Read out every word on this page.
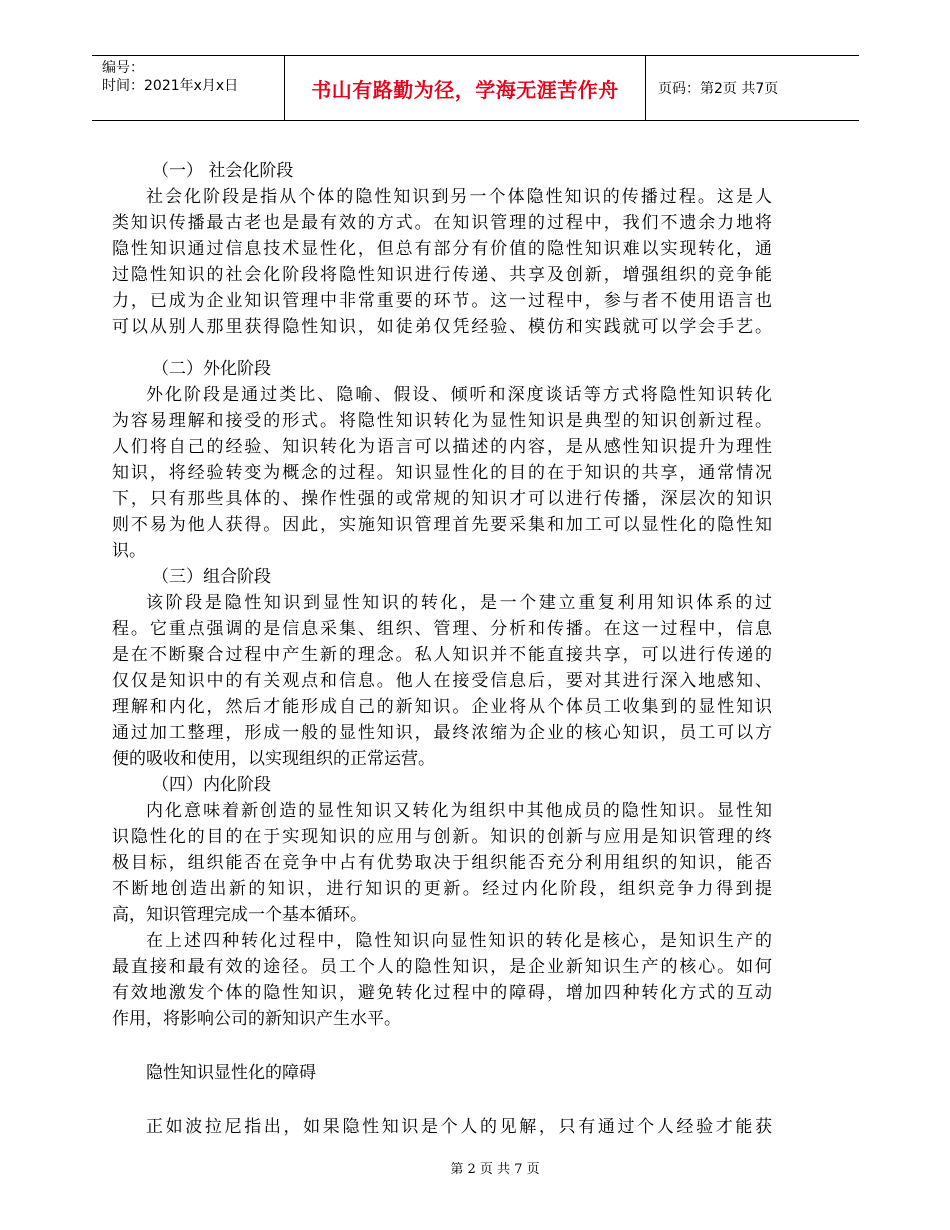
编号：
时间：2021年x月x日	书山有路勤为径，学海无涯苦作舟	页码：第2页 共7页
（一） 社会化阶段
社会化阶段是指从个体的隐性知识到另一个体隐性知识的传播过程。这是人
类知识传播最古老也是最有效的方式。在知识管理的过程中，我们不遗余力地将
隐性知识通过信息技术显性化，但总有部分有价值的隐性知识难以实现转化，通
过隐性知识的社会化阶段将隐性知识进行传递、共享及创新，增强组织的竞争能
力，已成为企业知识管理中非常重要的环节。这一过程中，参与者不使用语言也
可以从别人那里获得隐性知识，如徒弟仅凭经验、模仿和实践就可以学会手艺。
（二）外化阶段
外化阶段是通过类比、隐喻、假设、倾听和深度谈话等方式将隐性知识转化
为容易理解和接受的形式。将隐性知识转化为显性知识是典型的知识创新过程。
人们将自己的经验、知识转化为语言可以描述的内容，是从感性知识提升为理性
知识，将经验转变为概念的过程。知识显性化的目的在于知识的共享，通常情况
下，只有那些具体的、操作性强的或常规的知识才可以进行传播，深层次的知识
则不易为他人获得。因此，实施知识管理首先要采集和加工可以显性化的隐性知
识。
（三）组合阶段
该阶段是隐性知识到显性知识的转化，是一个建立重复利用知识体系的过
程。它重点强调的是信息采集、组织、管理、分析和传播。在这一过程中，信息
是在不断聚合过程中产生新的理念。私人知识并不能直接共享，可以进行传递的
仅仅是知识中的有关观点和信息。他人在接受信息后，要对其进行深入地感知、
理解和内化，然后才能形成自己的新知识。企业将从个体员工收集到的显性知识
通过加工整理，形成一般的显性知识，最终浓缩为企业的核心知识，员工可以方
便的吸收和使用，以实现组织的正常运营。
（四）内化阶段
内化意味着新创造的显性知识又转化为组织中其他成员的隐性知识。显性知
识隐性化的目的在于实现知识的应用与创新。知识的创新与应用是知识管理的终
极目标，组织能否在竞争中占有优势取决于组织能否充分利用组织的知识，能否
不断地创造出新的知识，进行知识的更新。经过内化阶段，组织竞争力得到提
高，知识管理完成一个基本循环。
在上述四种转化过程中，隐性知识向显性知识的转化是核心，是知识生产的
最直接和最有效的途径。员工个人的隐性知识，是企业新知识生产的核心。如何
有效地激发个体的隐性知识，避免转化过程中的障碍，增加四种转化方式的互动
作用，将影响公司的新知识产生水平。
隐性知识显性化的障碍
正如波拉尼指出，如果隐性知识是个人的见解，只有通过个人经验才能获
第 2 页 共 7 页
